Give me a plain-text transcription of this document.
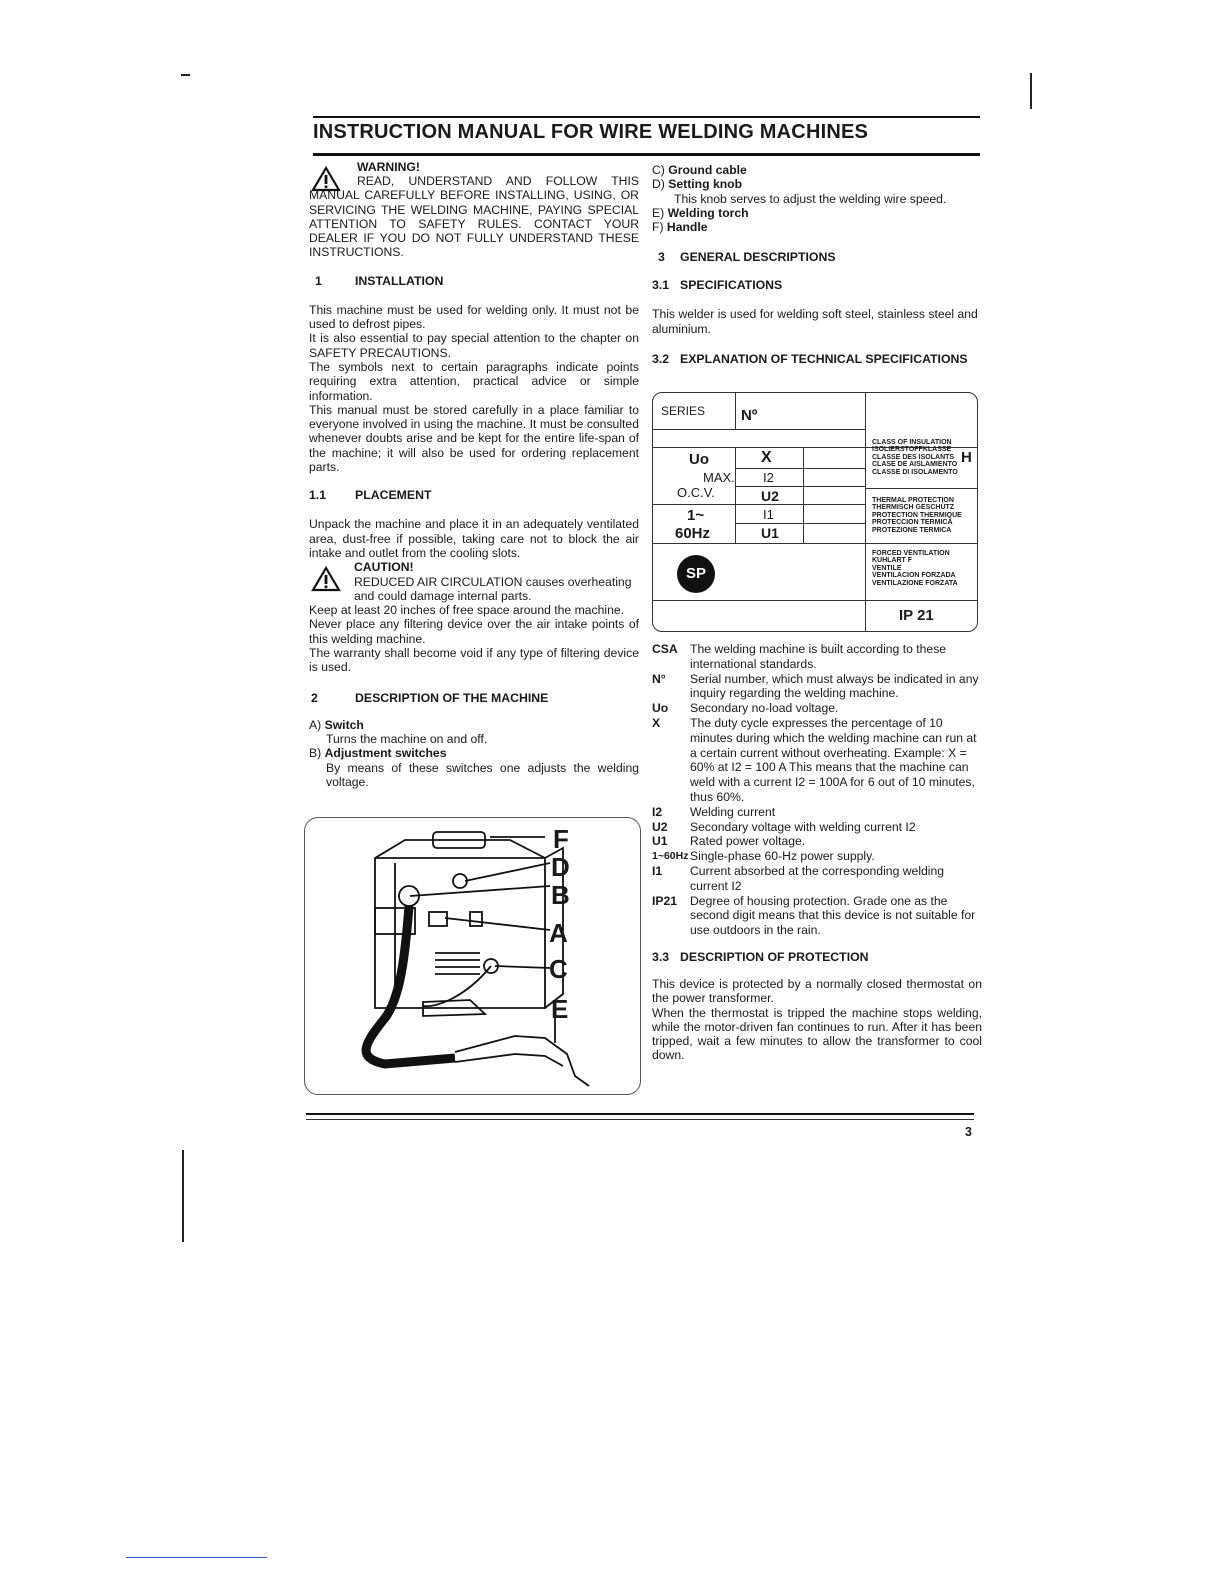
INSTRUCTION MANUAL FOR WIRE WELDING MACHINES
WARNING!
READ, UNDERSTAND AND FOLLOW THIS MANUAL CAREFULLY BEFORE INSTALLING, USING, OR SERVICING THE WELDING MACHINE, PAYING SPECIAL ATTENTION TO SAFETY RULES. CONTACT YOUR DEALER IF YOU DO NOT FULLY UNDERSTAND THESE INSTRUCTIONS.
1	INSTALLATION

This machine must be used for welding only. It must not be used to defrost pipes.

It is also essential to pay special attention to the chapter on SAFETY PRECAUTIONS.

The symbols next to certain paragraphs indicate points requiring extra attention, practical advice or simple information.

This manual must be stored carefully in a place familiar to everyone involved in using the machine. It must be consulted whenever doubts arise and be kept for the entire life-span of the machine; it will also be used for ordering replacement parts.

1.1 PLACEMENT

Unpack the machine and place it in an adequately ventilated area, dust-free if possible, taking care not to block the air intake and outlet from the cooling slots.

CAUTION!

REDUCED AIR CIRCULATION causes overheating and could damage internal parts.

Keep at least 20 inches of free space around the machine.

Never place any filtering device over the air intake points of this welding machine.

The warranty shall become void if any type of filtering device is used.

2	DESCRIPTION OF THE MACHINE

A) Switch

Turns the machine on and off.

B) Adjustment switches

By means of these switches one adjusts the welding voltage.

F
D
B
A
C
E

C) Ground cable

D) Setting knob

This knob serves to adjust the welding wire speed.

E) Welding torch

F) Handle

3 GENERAL DESCRIPTIONS
3.1 SPECIFICATIONS

This welder is used for welding soft steel, stainless steel and aluminium.

3.2 EXPLANATION OF TECHNICAL SPECIFICATIONS
SERIES Nº
Uo
MAX.
O.C.V.
1~
60Hz
X
I2
U2
I1
U1
CLASS OF INSULATION
ISOLIERSTOFFKLASSE
CLASSE DES ISOLANTS
CLASE DE AISLAMIENTO
CLASSE DI ISOLAMENTO
H
THERMAL PROTECTION
THERMISCH GESCHÜTZ
PROTECTION THERMIQUE
PROTECCION TERMICA
PROTEZIONE TERMICA
FORCED VENTILATION
KUHLART F
VENTILE
VENTILACION FORZADA
VENTILAZIONE FORZATA
IP 21
SP
CSA The welding machine is built according to these international standards.
N° Serial number, which must always be indicated in any inquiry regarding the welding machine.
Uo Secondary no-load voltage.
X The duty cycle expresses the percentage of 10 minutes during which the welding machine can run at a certain current without overheating. Example: X = 60% at I2 = 100 A This means that the machine can weld with a current I2 = 100A for 6 out of 10 minutes, thus 60%.
I2 Welding current
U2 Secondary voltage with welding current I2
U1 Rated power voltage.
1~60Hz Single-phase 60-Hz power supply.
I1 Current absorbed at the corresponding welding current I2
IP21 Degree of housing protection. Grade one as the second digit means that this device is not suitable for use outdoors in the rain.
3.3 DESCRIPTION OF PROTECTION

This device is protected by a normally closed thermostat on the power transformer.

When the thermostat is tripped the machine stops welding, while the motor-driven fan continues to run. After it has been tripped, wait a few minutes to allow the transformer to cool down.

3
